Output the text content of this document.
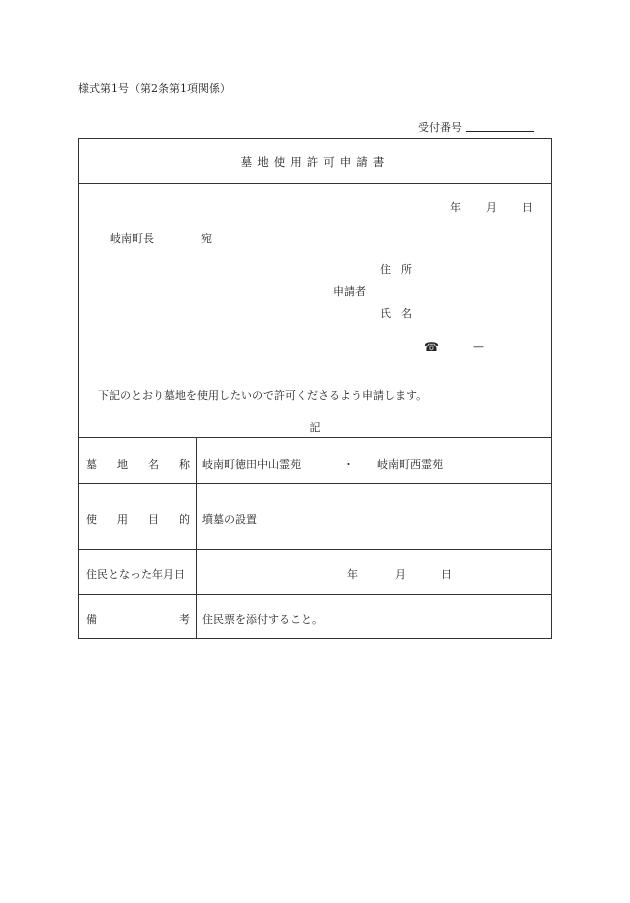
様式第1号（第2条第1項関係）
受付番号
墓地使用許可申請書
年 月 日
岐南町長	宛
住所
申請者
氏名
☎	—
下記のとおり墓地を使用したいので許可くださるよう申請します。
記
墓 地 名 称 岐南町徳田中山霊苑	・ 岐南町西霊苑
使 用 目 的 墳墓の設置
住民となった年月日	年	月	日
備	考 住民票を添付すること。
